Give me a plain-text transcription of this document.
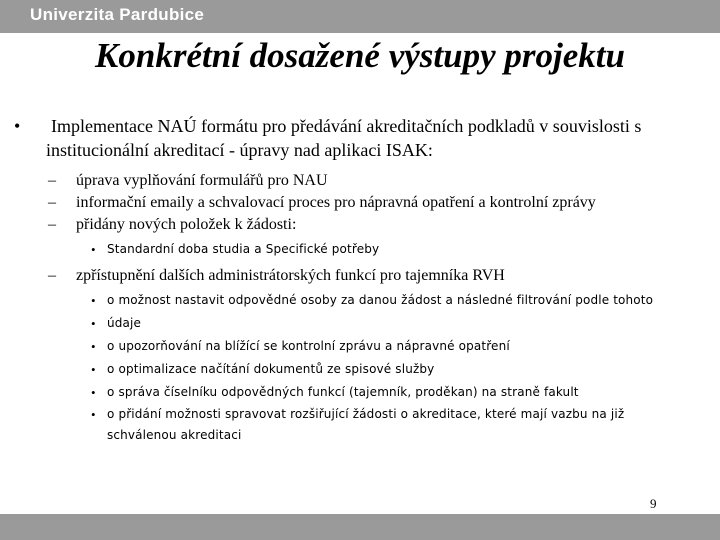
Univerzita Pardubice
Konkrétní dosažené výstupy projektu
• Implementace NAÚ formátu pro předávání akreditačních podkladů v souvislosti s institucionální akreditací - úpravy nad aplikaci ISAK:
– úprava vyplňování formulářů pro NAU
– informační emaily a schvalovací proces pro nápravná opatření a kontrolní zprávy
– přidány nových položek k žádosti:
• Standardní doba studia a Specifické potřeby
– zpřístupnění dalších administrátorských funkcí pro tajemníka RVH
• o možnost nastavit odpovědné osoby za danou žádost a následné filtrování podle tohoto
• údaje
• o upozorňování na blížící se kontrolní zprávu a nápravné opatření
• o optimalizace načítání dokumentů ze spisové služby
• o správa číselníku odpovědných funkcí (tajemník, proděkan) na straně fakult
• o přidání možnosti spravovat rozšiřující žádosti o akreditace, které mají vazbu na již schválenou akreditaci
9
